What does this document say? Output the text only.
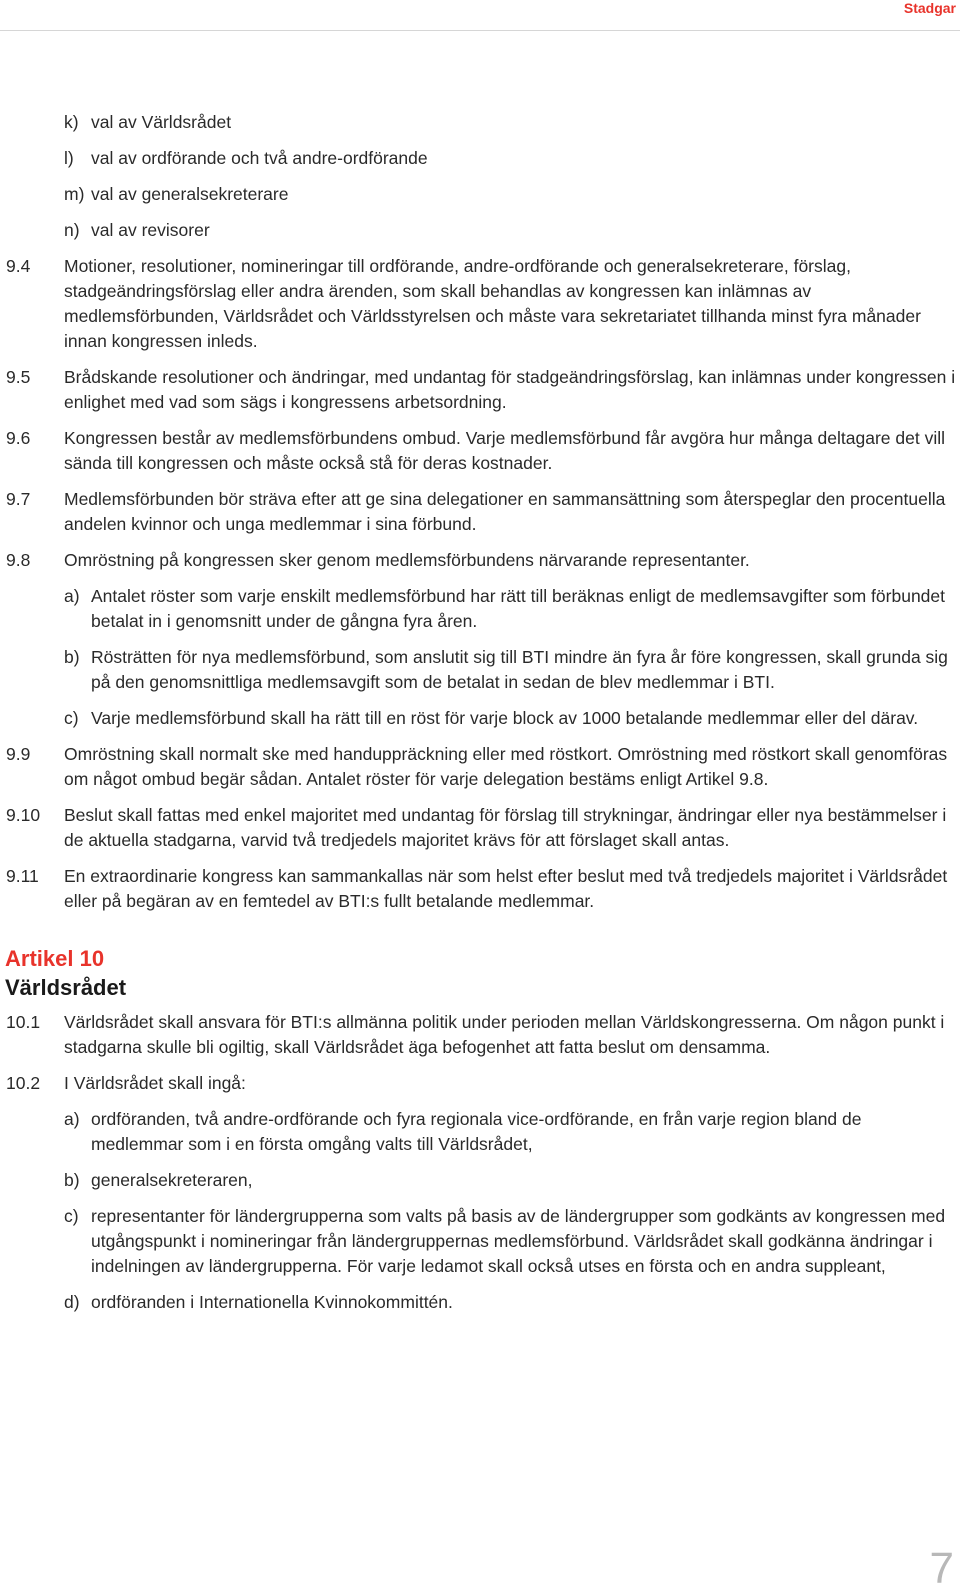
Stadgar
k) val av Världsrådet
l) val av ordförande och två andre-ordförande
m) val av generalsekreterare
n) val av revisorer
9.4 Motioner, resolutioner, nomineringar till ordförande, andre-ordförande och generalsekreterare, förslag, stadgeändringsförslag eller andra ärenden, som skall behandlas av kongressen kan inlämnas av medlemsförbunden, Världsrådet och Världsstyrelsen och måste vara sekretariatet tillhanda minst fyra månader innan kongressen inleds.
9.5 Brådskande resolutioner och ändringar, med undantag för stadgeändringsförslag, kan inlämnas under kongressen i enlighet med vad som sägs i kongressens arbetsordning.
9.6 Kongressen består av medlemsförbundens ombud. Varje medlemsförbund får avgöra hur många deltagare det vill sända till kongressen och måste också stå för deras kostnader.
9.7 Medlemsförbunden bör sträva efter att ge sina delegationer en sammansättning som återspeglar den procentuella andelen kvinnor och unga medlemmar i sina förbund.
9.8 Omröstning på kongressen sker genom medlemsförbundens närvarande representanter.
a) Antalet röster som varje enskilt medlemsförbund har rätt till beräknas enligt de medlemsavgifter som förbundet betalat in i genomsnitt under de gångna fyra åren.
b) Rösträtten för nya medlemsförbund, som anslutit sig till BTI mindre än fyra år före kongressen, skall grunda sig på den genomsnittliga medlemsavgift som de betalat in sedan de blev medlemmar i BTI.
c) Varje medlemsförbund skall ha rätt till en röst för varje block av 1000 betalande medlemmar eller del därav.
9.9 Omröstning skall normalt ske med handuppräckning eller med röstkort. Omröstning med röstkort skall genomföras om något ombud begär sådan. Antalet röster för varje delegation bestäms enligt Artikel 9.8.
9.10 Beslut skall fattas med enkel majoritet med undantag för förslag till strykningar, ändringar eller nya bestämmelser i de aktuella stadgarna, varvid två tredjedels majoritet krävs för att förslaget skall antas.
9.11 En extraordinarie kongress kan sammankallas när som helst efter beslut med två tredjedels majoritet i Världsrådet eller på begäran av en femtedel av BTI:s fullt betalande medlemmar.
Artikel 10
Världsrådet
10.1 Världsrådet skall ansvara för BTI:s allmänna politik under perioden mellan Världskongresserna. Om någon punkt i stadgarna skulle bli ogiltig, skall Världsrådet äga befogenhet att fatta beslut om densamma.
10.2 I Världsrådet skall ingå:
a) ordföranden, två andre-ordförande och fyra regionala vice-ordförande, en från varje region bland de medlemmar som i en första omgång valts till Världsrådet,
b) generalsekreteraren,
c) representanter för ländergrupperna som valts på basis av de ländergrupper som godkänts av kongressen med utgångspunkt i nomineringar från ländergruppernas medlemsförbund. Världsrådet skall godkänna ändringar i indelningen av ländergrupperna. För varje ledamot skall också utses en första och en andra suppleant,
d) ordföranden i Internationella Kvinnokommittén.
7
